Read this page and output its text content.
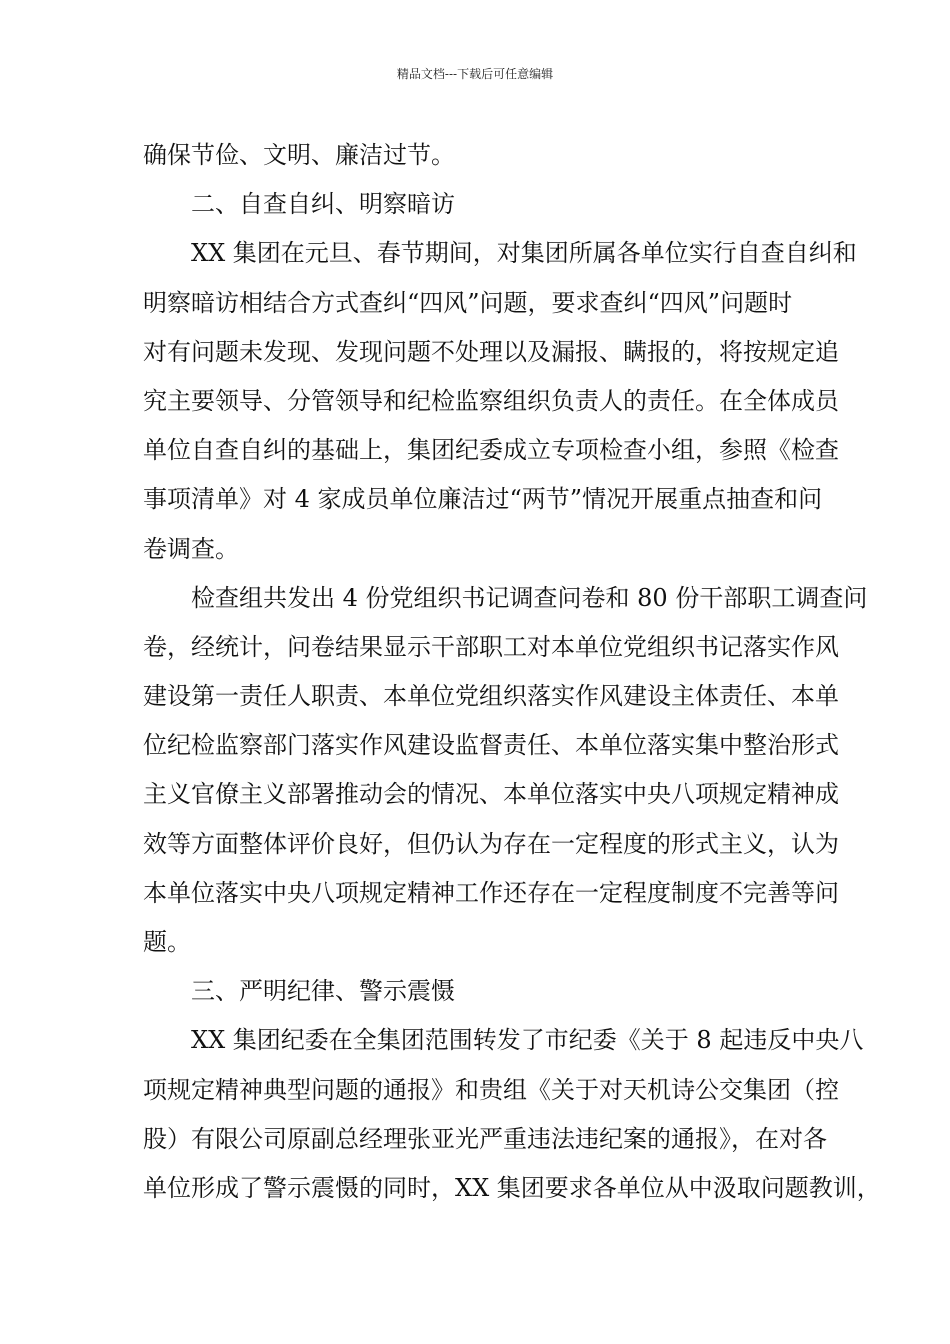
精品文档---下载后可任意编辑
确保节俭、文明、廉洁过节。
二、自查自纠、明察暗访
XX 集团在元旦、春节期间，对集团所属各单位实行自查自纠和
明察暗访相结合方式查纠“四风”问题，要求查纠“四风”问题时
对有问题未发现、发现问题不处理以及漏报、瞒报的，将按规定追
究主要领导、分管领导和纪检监察组织负责人的责任。在全体成员
单位自查自纠的基础上，集团纪委成立专项检查小组，参照《检查
事项清单》对 4 家成员单位廉洁过“两节”情况开展重点抽查和问
卷调查。
检查组共发出 4 份党组织书记调查问卷和 80 份干部职工调查问
卷，经统计，问卷结果显示干部职工对本单位党组织书记落实作风
建设第一责任人职责、本单位党组织落实作风建设主体责任、本单
位纪检监察部门落实作风建设监督责任、本单位落实集中整治形式
主义官僚主义部署推动会的情况、本单位落实中央八项规定精神成
效等方面整体评价良好，但仍认为存在一定程度的形式主义，认为
本单位落实中央八项规定精神工作还存在一定程度制度不完善等问
题。
三、严明纪律、警示震慑
XX 集团纪委在全集团范围转发了市纪委《关于 8 起违反中央八
项规定精神典型问题的通报》和贵组《关于对天机诗公交集团（控
股）有限公司原副总经理张亚光严重违法违纪案的通报》，在对各
单位形成了警示震慑的同时，XX 集团要求各单位从中汲取问题教训，
